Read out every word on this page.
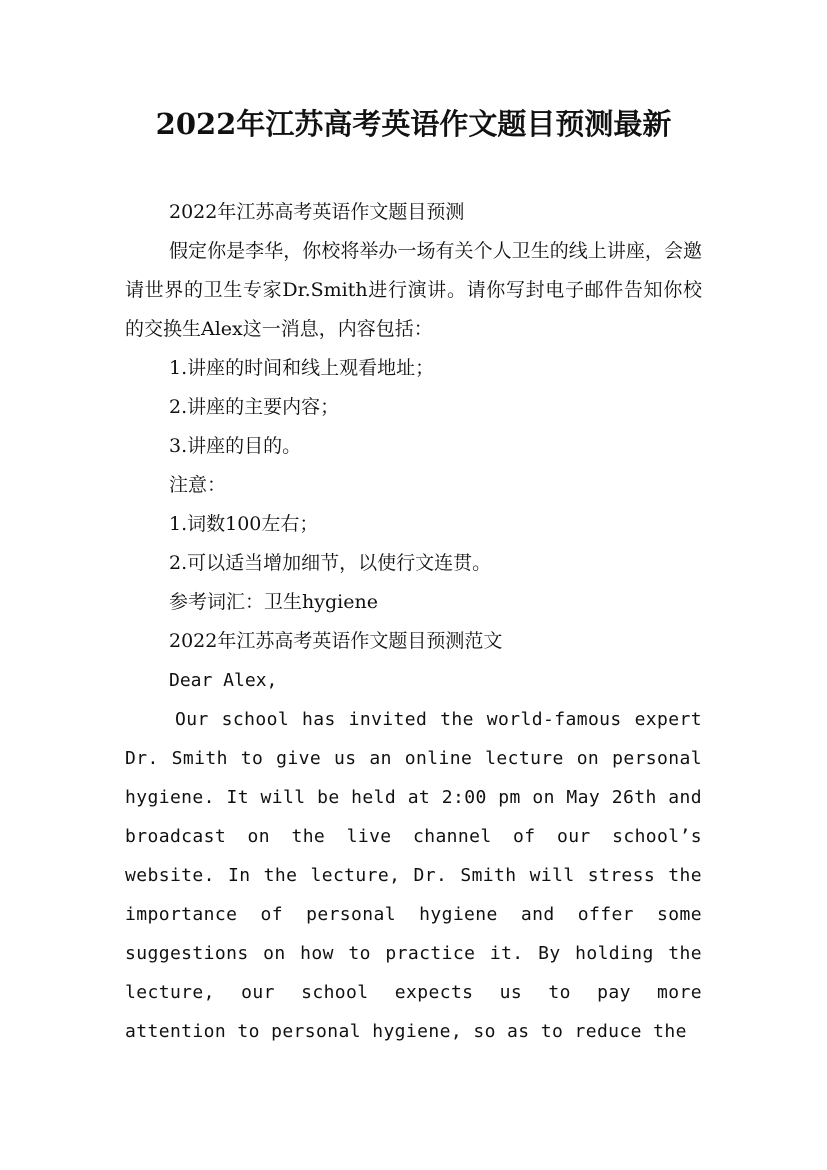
2022年江苏高考英语作文题目预测最新

2022年江苏高考英语作文题目预测

假定你是李华，你校将举办一场有关个人卫生的线上讲座，会邀请世界的卫生专家Dr.Smith进行演讲。请你写封电子邮件告知你校的交换生Alex这一消息，内容包括：

1.讲座的时间和线上观看地址；

2.讲座的主要内容；

3.讲座的目的。

注意：

1.词数100左右；

2.可以适当增加细节，以使行文连贯。

参考词汇：卫生hygiene

2022年江苏高考英语作文题目预测范文

Dear Alex,

Our school has invited the world-famous expert Dr. Smith to give us an online lecture on personal hygiene. It will be held at 2:00 pm on May 26th and broadcast on the live channel of our school’s website. In the lecture, Dr. Smith will stress the importance of personal hygiene and offer some suggestions on how to practice it. By holding the lecture, our school expects us to pay more attention to personal hygiene, so as to reduce the
